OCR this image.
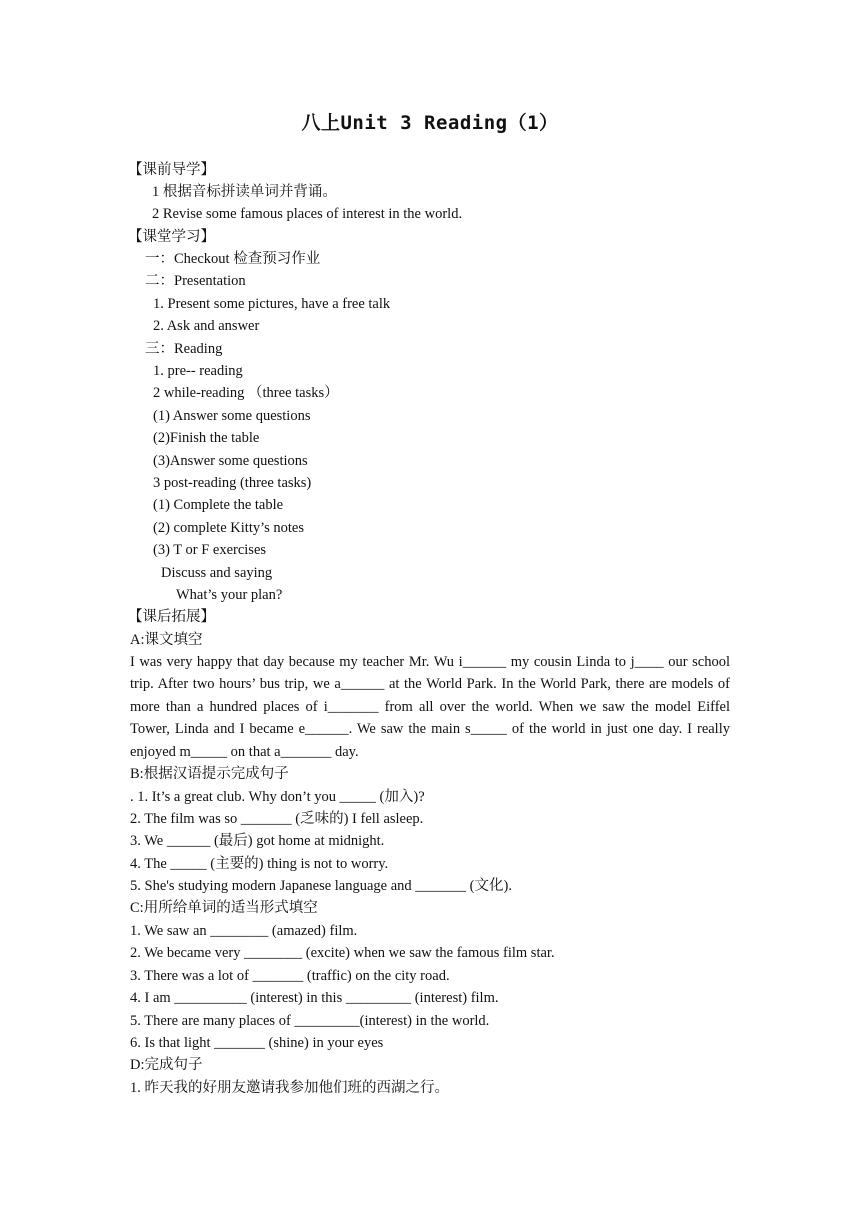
八上Unit 3 Reading（1）
【课前导学】
1 根据音标拼读单词并背诵。
2 Revise some famous places of interest in the world.
【课堂学习】
一：Checkout 检查预习作业
二：Presentation
1. Present some pictures, have a free talk
2. Ask and answer
三：Reading
1. pre-- reading
2 while-reading （three tasks）
(1) Answer some questions
(2)Finish the table
(3)Answer some questions
3 post-reading (three tasks)
(1) Complete the table
(2) complete Kitty’s notes
(3) T or F exercises
Discuss and saying
What’s your plan?
【课后拓展】
A:课文填空
I was very happy that day because my teacher Mr. Wu i______ my cousin Linda to j____ our school trip. After two hours’ bus trip, we a______ at the World Park. In the World Park, there are models of more than a hundred places of i_______ from all over the world. When we saw the model Eiffel Tower, Linda and I became e______. We saw the main s_____ of the world in just one day. I really enjoyed m_____ on that a_______ day.
B:根据汉语提示完成句子
. 1. It’s a great club. Why don’t you _____ (加入)?
2. The film was so _______ (乏味的) I fell asleep.
3. We ______ (最后) got home at midnight.
4. The _____ (主要的) thing is not to worry.
5. She's studying modern Japanese language and _______ (文化).
C:用所给单词的适当形式填空
1. We saw an ________ (amazed) film.
2. We became very ________ (excite) when we saw the famous film star.
3. There was a lot of _______ (traffic) on the city road.
4. I am __________ (interest) in this _________ (interest) film.
5. There are many places of _________(interest) in the world.
6. Is that light _______ (shine) in your eyes
D:完成句子
1. 昨天我的好朋友邀请我参加他们班的西湖之行。
